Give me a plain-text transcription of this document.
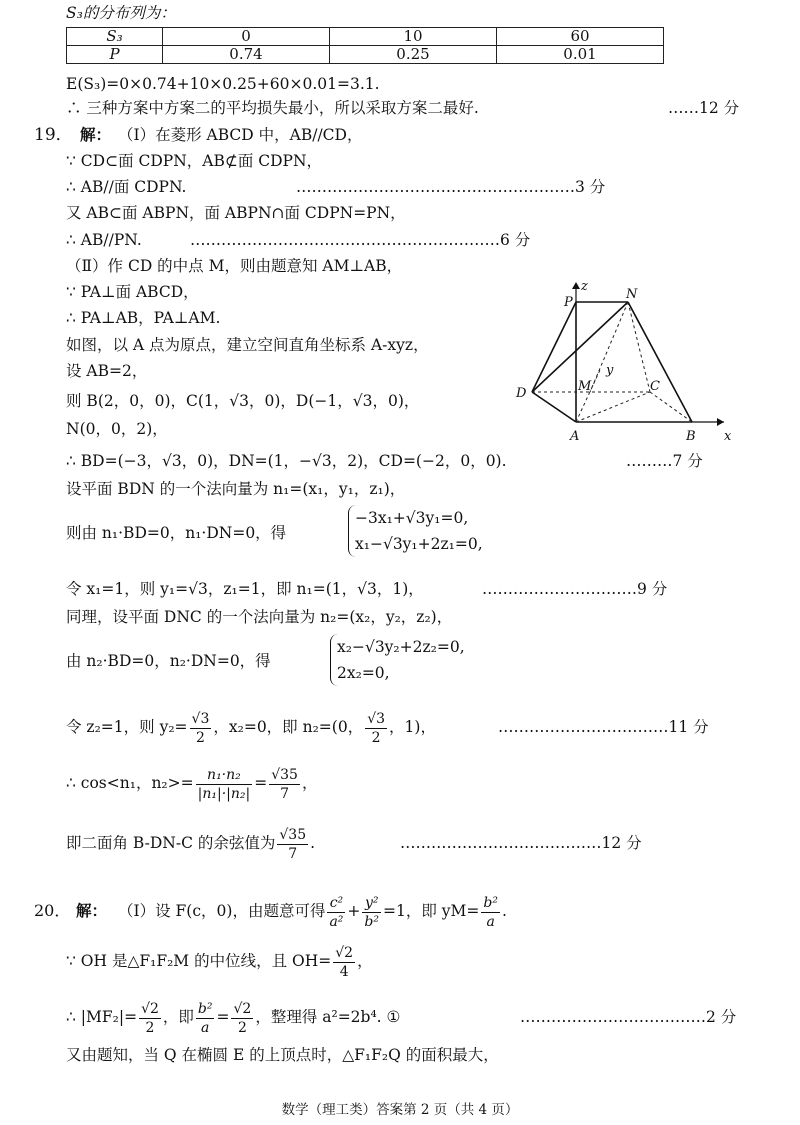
S₃的分布列为：
S₃	0	10	60
P	0.74	0.25	0.01
E(S₃)=0×0.74+10×0.25+60×0.01=3.1.
∴ 三种方案中方案二的平均损失最小，所以采取方案二最好.	……12 分
19． 解： （Ⅰ）在菱形 ABCD 中，AB//CD，
∵ CD⊂面 CDPN，AB⊄面 CDPN，
∴ AB//面 CDPN.	………………………………………………3 分
又 AB⊂面 ABPN，面 ABPN∩面 CDPN=PN，
∴ AB//PN.	……………………………………………………6 分
（Ⅱ）作 CD 的中点 M，则由题意知 AM⊥AB，
∵ PA⊥面 ABCD，
∴ PA⊥AB，PA⊥AM.
如图，以 A 点为原点，建立空间直角坐标系 A-xyz，
设 AB=2，
则 B(2，0，0)，C(1，√3，0)，D(−1，√3，0)，
N(0，0，2)，
∴ BD=(−3，√3，0)，DN=(1，−√3，2)，CD=(−2，0，0).	………7 分
设平面 BDN 的一个法向量为 n₁=(x₁，y₁，z₁)，
则由 n₁·BD=0，n₁·DN=0，得
−3x₁+√3y₁=0,
x₁−√3y₁+2z₁=0,
令 x₁=1，则 y₁=√3，z₁=1，即 n₁=(1，√3，1)，	…………………………9 分
同理，设平面 DNC 的一个法向量为 n₂=(x₂，y₂，z₂)，
由 n₂·BD=0，n₂·DN=0，得
x₂−√3y₂+2z₂=0,
2x₂=0,
令 z₂=1，则 $y_2= \frac{√3}{2}$ ，x₂=0，即 n₂=(0， $\frac{√3}{2}$ ，1)，	……………………………11 分
∴ cos<n₁，$n_2>= \frac{\text{n₁·n₂}}{\text{|n₁|·|n₂|}} = \frac{√35}{7}$ ，
即二面角 B-DN-C 的余弦值为 $\frac{√35}{7}$ .	…………………………………12 分
20． 解： （Ⅰ）设 F(c，0)，由题意可得 $\frac{\text{c²}}{\text{a²}} + \frac{\text{y²}}{\text{b²}} =1$，即 $yM= \frac{\text{b²}}{a}$ .
∵ OH 是△F₁F₂M 的中位线，且 $OH= \frac{√2}{4}$ ，
∴ $|MF_2|= \frac{√2}{2}$ ，即 $\frac{\text{b²}}{a} = \frac{√2}{2}$ ，整理得 a²=2b⁴. ①	………………………………2 分
又由题知，当 Q 在椭圆 E 的上顶点时，△F₁F₂Q 的面积最大，
P
z
N
y
M	C
D
A	B x
数学（理工类）答案第 2 页（共 4 页）
